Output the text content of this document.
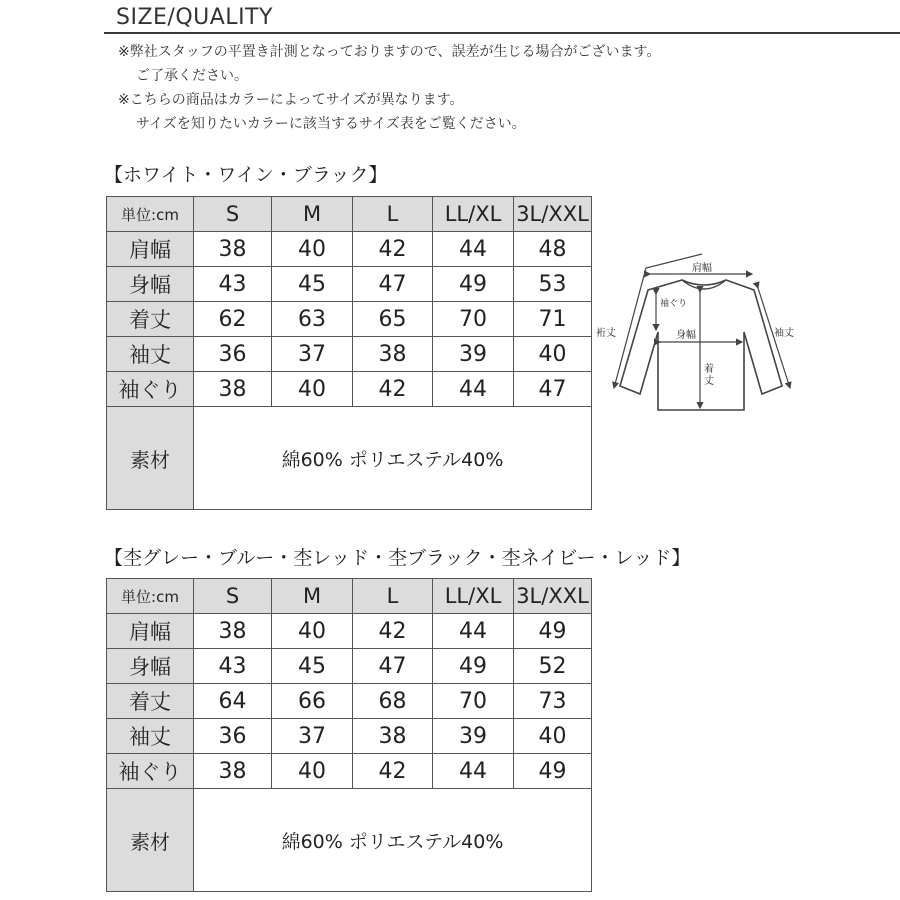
SIZE/QUALITY
※弊社スタッフの平置き計測となっておりますので、誤差が生じる場合がございます。
ご了承ください。
※こちらの商品はカラーによってサイズが異なります。
サイズを知りたいカラーに該当するサイズ表をご覧ください。
【ホワイト・ワイン・ブラック】
単位:cm	S	M	L	LL/XL	3L/XXL
肩幅	38	40	42	44	48
身幅	43	45	47	49	53
着丈	62	63	65	70	71
袖丈	36	37	38	39	40
袖ぐり	38	40	42	44	47
素材	綿60% ポリエステル40%				
肩幅
袖ぐり
身幅
着
丈
裄丈	袖丈
【杢グレー・ブルー・杢レッド・杢ブラック・杢ネイビー・レッド】
単位:cm	S	M	L	LL/XL	3L/XXL
肩幅	38	40	42	44	49
身幅	43	45	47	49	52
着丈	64	66	68	70	73
袖丈	36	37	38	39	40
袖ぐり	38	40	42	44	49
素材	綿60% ポリエステル40%				
